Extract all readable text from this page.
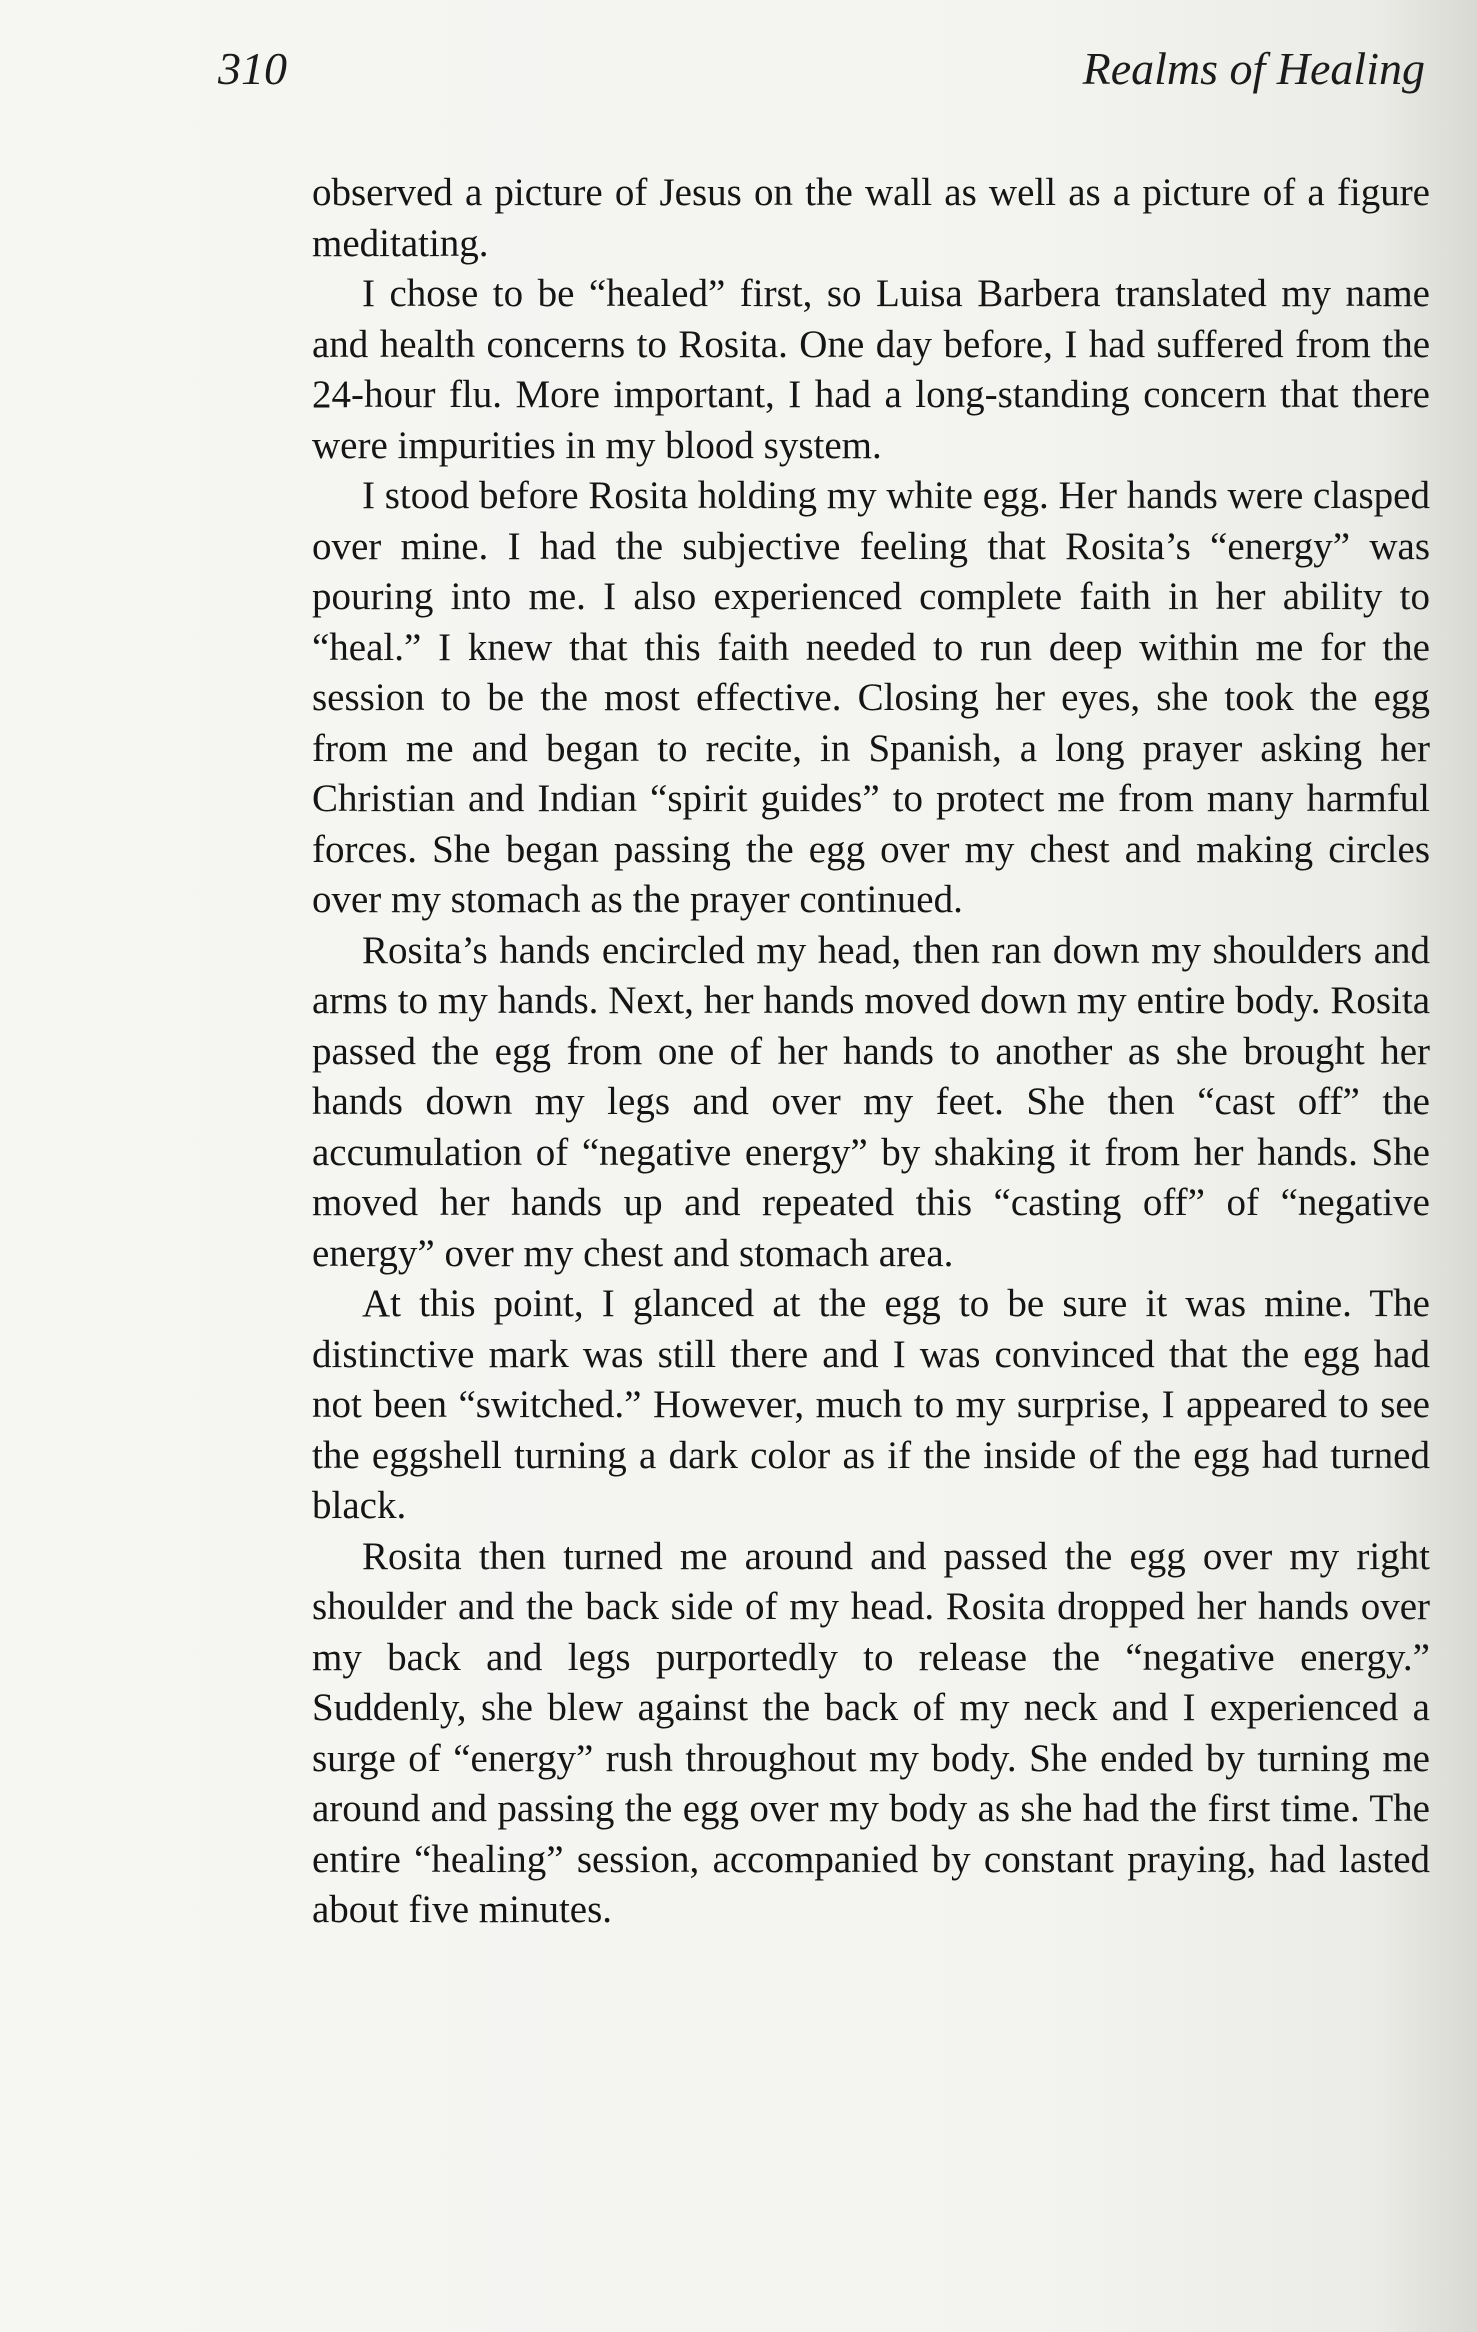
310	Realms of Healing

observed a picture of Jesus on the wall as well as a picture of a figure meditating.

I chose to be “healed” first, so Luisa Barbera translated my name and health concerns to Rosita. One day before, I had suffered from the 24-hour flu. More important, I had a long-standing concern that there were impurities in my blood system.

I stood before Rosita holding my white egg. Her hands were clasped over mine. I had the subjective feeling that Rosita’s “energy” was pouring into me. I also experienced complete faith in her ability to “heal.” I knew that this faith needed to run deep within me for the session to be the most effective. Closing her eyes, she took the egg from me and began to recite, in Spanish, a long prayer asking her Christian and Indian “spirit guides” to protect me from many harmful forces. She began passing the egg over my chest and making circles over my stomach as the prayer continued.

Rosita’s hands encircled my head, then ran down my shoulders and arms to my hands. Next, her hands moved down my entire body. Rosita passed the egg from one of her hands to another as she brought her hands down my legs and over my feet. She then “cast off” the accumulation of “negative energy” by shaking it from her hands. She moved her hands up and repeated this “casting off” of “negative energy” over my chest and stomach area.

At this point, I glanced at the egg to be sure it was mine. The distinctive mark was still there and I was convinced that the egg had not been “switched.” However, much to my surprise, I appeared to see the eggshell turning a dark color as if the inside of the egg had turned black.

Rosita then turned me around and passed the egg over my right shoulder and the back side of my head. Rosita dropped her hands over my back and legs purportedly to release the “negative energy.” Suddenly, she blew against the back of my neck and I experienced a surge of “energy” rush throughout my body. She ended by turning me around and passing the egg over my body as she had the first time. The entire “healing” session, accompanied by constant praying, had lasted about five minutes.
